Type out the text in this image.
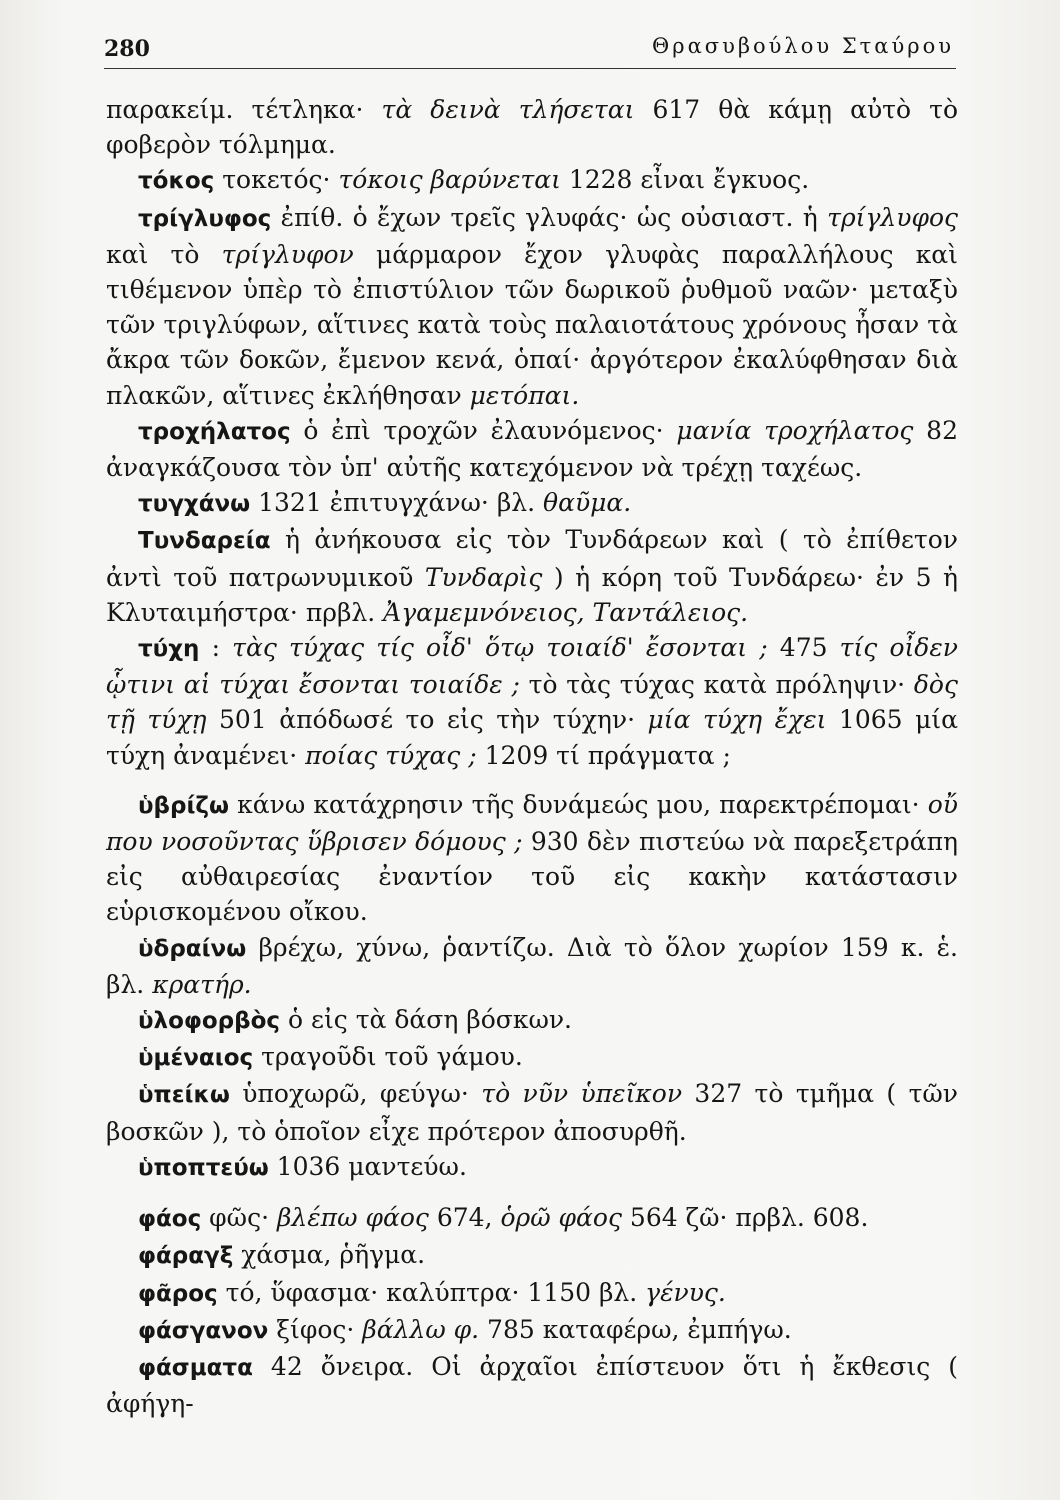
280	Θρασυβούλου Σταύρου
παρακείμ. τέτληκα· τὰ δεινὰ τλήσεται 617 θὰ κάμῃ αὐτὸ τὸ φοβερὸν τόλμημα.
τόκος τοκετός· τόκοις βαρύνεται 1228 εἶναι ἔγκυος.
τρίγλυφος ἐπίθ. ὁ ἔχων τρεῖς γλυφάς· ὡς οὐσιαστ. ἡ τρίγλυφος καὶ τὸ τρίγλυφον μάρμαρον ἔχον γλυφὰς παραλλήλους καὶ τιθέμενον ὑπὲρ τὸ ἐπιστύλιον τῶν δωρικοῦ ῥυθμοῦ ναῶν· μεταξὺ τῶν τριγλύφων, αἵτινες κατὰ τοὺς παλαιοτάτους χρόνους ἦσαν τὰ ἄκρα τῶν δοκῶν, ἔμενον κενά, ὁπαί· ἀργότερον ἐκαλύφθησαν διὰ πλακῶν, αἵτινες ἐκλήθησαν μετόπαι.
τροχήλατος ὁ ἐπὶ τροχῶν ἐλαυνόμενος· μανία τροχήλατος 82 ἀναγκάζουσα τὸν ὑπ' αὐτῆς κατεχόμενον νὰ τρέχῃ ταχέως.
τυγχάνω 1321 ἐπιτυγχάνω· βλ. θαῦμα.
Τυνδαρεία ἡ ἀνήκουσα εἰς τὸν Τυνδάρεων καὶ ( τὸ ἐπίθετον ἀντὶ τοῦ πατρωνυμικοῦ Τυνδαρὶς ) ἡ κόρη τοῦ Τυνδάρεω· ἐν 5 ἡ Κλυταιμήστρα· πρβλ. Ἀγαμεμνόνειος, Ταντάλειος.
τύχη : τὰς τύχας τίς οἶδ' ὅτῳ τοιαίδ' ἔσονται ; 475 τίς οἶδεν ᾧτινι αἱ τύχαι ἔσονται τοιαίδε ; τὸ τὰς τύχας κατὰ πρόληψιν· δὸς τῇ τύχῃ 501 ἀπόδωσέ το εἰς τὴν τύχην· μία τύχη ἔχει 1065 μία τύχη ἀναμένει· ποίας τύχας ; 1209 τί πράγματα ;
ὑβρίζω κάνω κατάχρησιν τῆς δυνάμεώς μου, παρεκτρέπομαι· οὔ που νοσοῦντας ὕβρισεν δόμους ; 930 δὲν πιστεύω νὰ παρεξετράπη εἰς αὐθαιρεσίας ἐναντίον τοῦ εἰς κακὴν κατάστασιν εὑρισκομένου οἴκου.
ὑδραίνω βρέχω, χύνω, ῥαντίζω. Διὰ τὸ ὅλον χωρίον 159 κ. ἑ. βλ. κρατήρ.
ὑλοφορβὸς ὁ εἰς τὰ δάση βόσκων.
ὑμέναιος τραγοῦδι τοῦ γάμου.
ὑπείκω ὑποχωρῶ, φεύγω· τὸ νῦν ὑπεῖκον 327 τὸ τμῆμα ( τῶν βοσκῶν ), τὸ ὁποῖον εἶχε πρότερον ἀποσυρθῆ.
ὑποπτεύω 1036 μαντεύω.
φάος φῶς· βλέπω φάος 674, ὁρῶ φάος 564 ζῶ· πρβλ. 608.
φάραγξ χάσμα, ῥῆγμα.
φᾶρος τό, ὕφασμα· καλύπτρα· 1150 βλ. γένυς.
φάσγανον ξίφος· βάλλω φ. 785 καταφέρω, ἐμπήγω.
φάσματα 42 ὄνειρα. Οἱ ἀρχαῖοι ἐπίστευον ὅτι ἡ ἔκθεσις ( ἀφήγη-
